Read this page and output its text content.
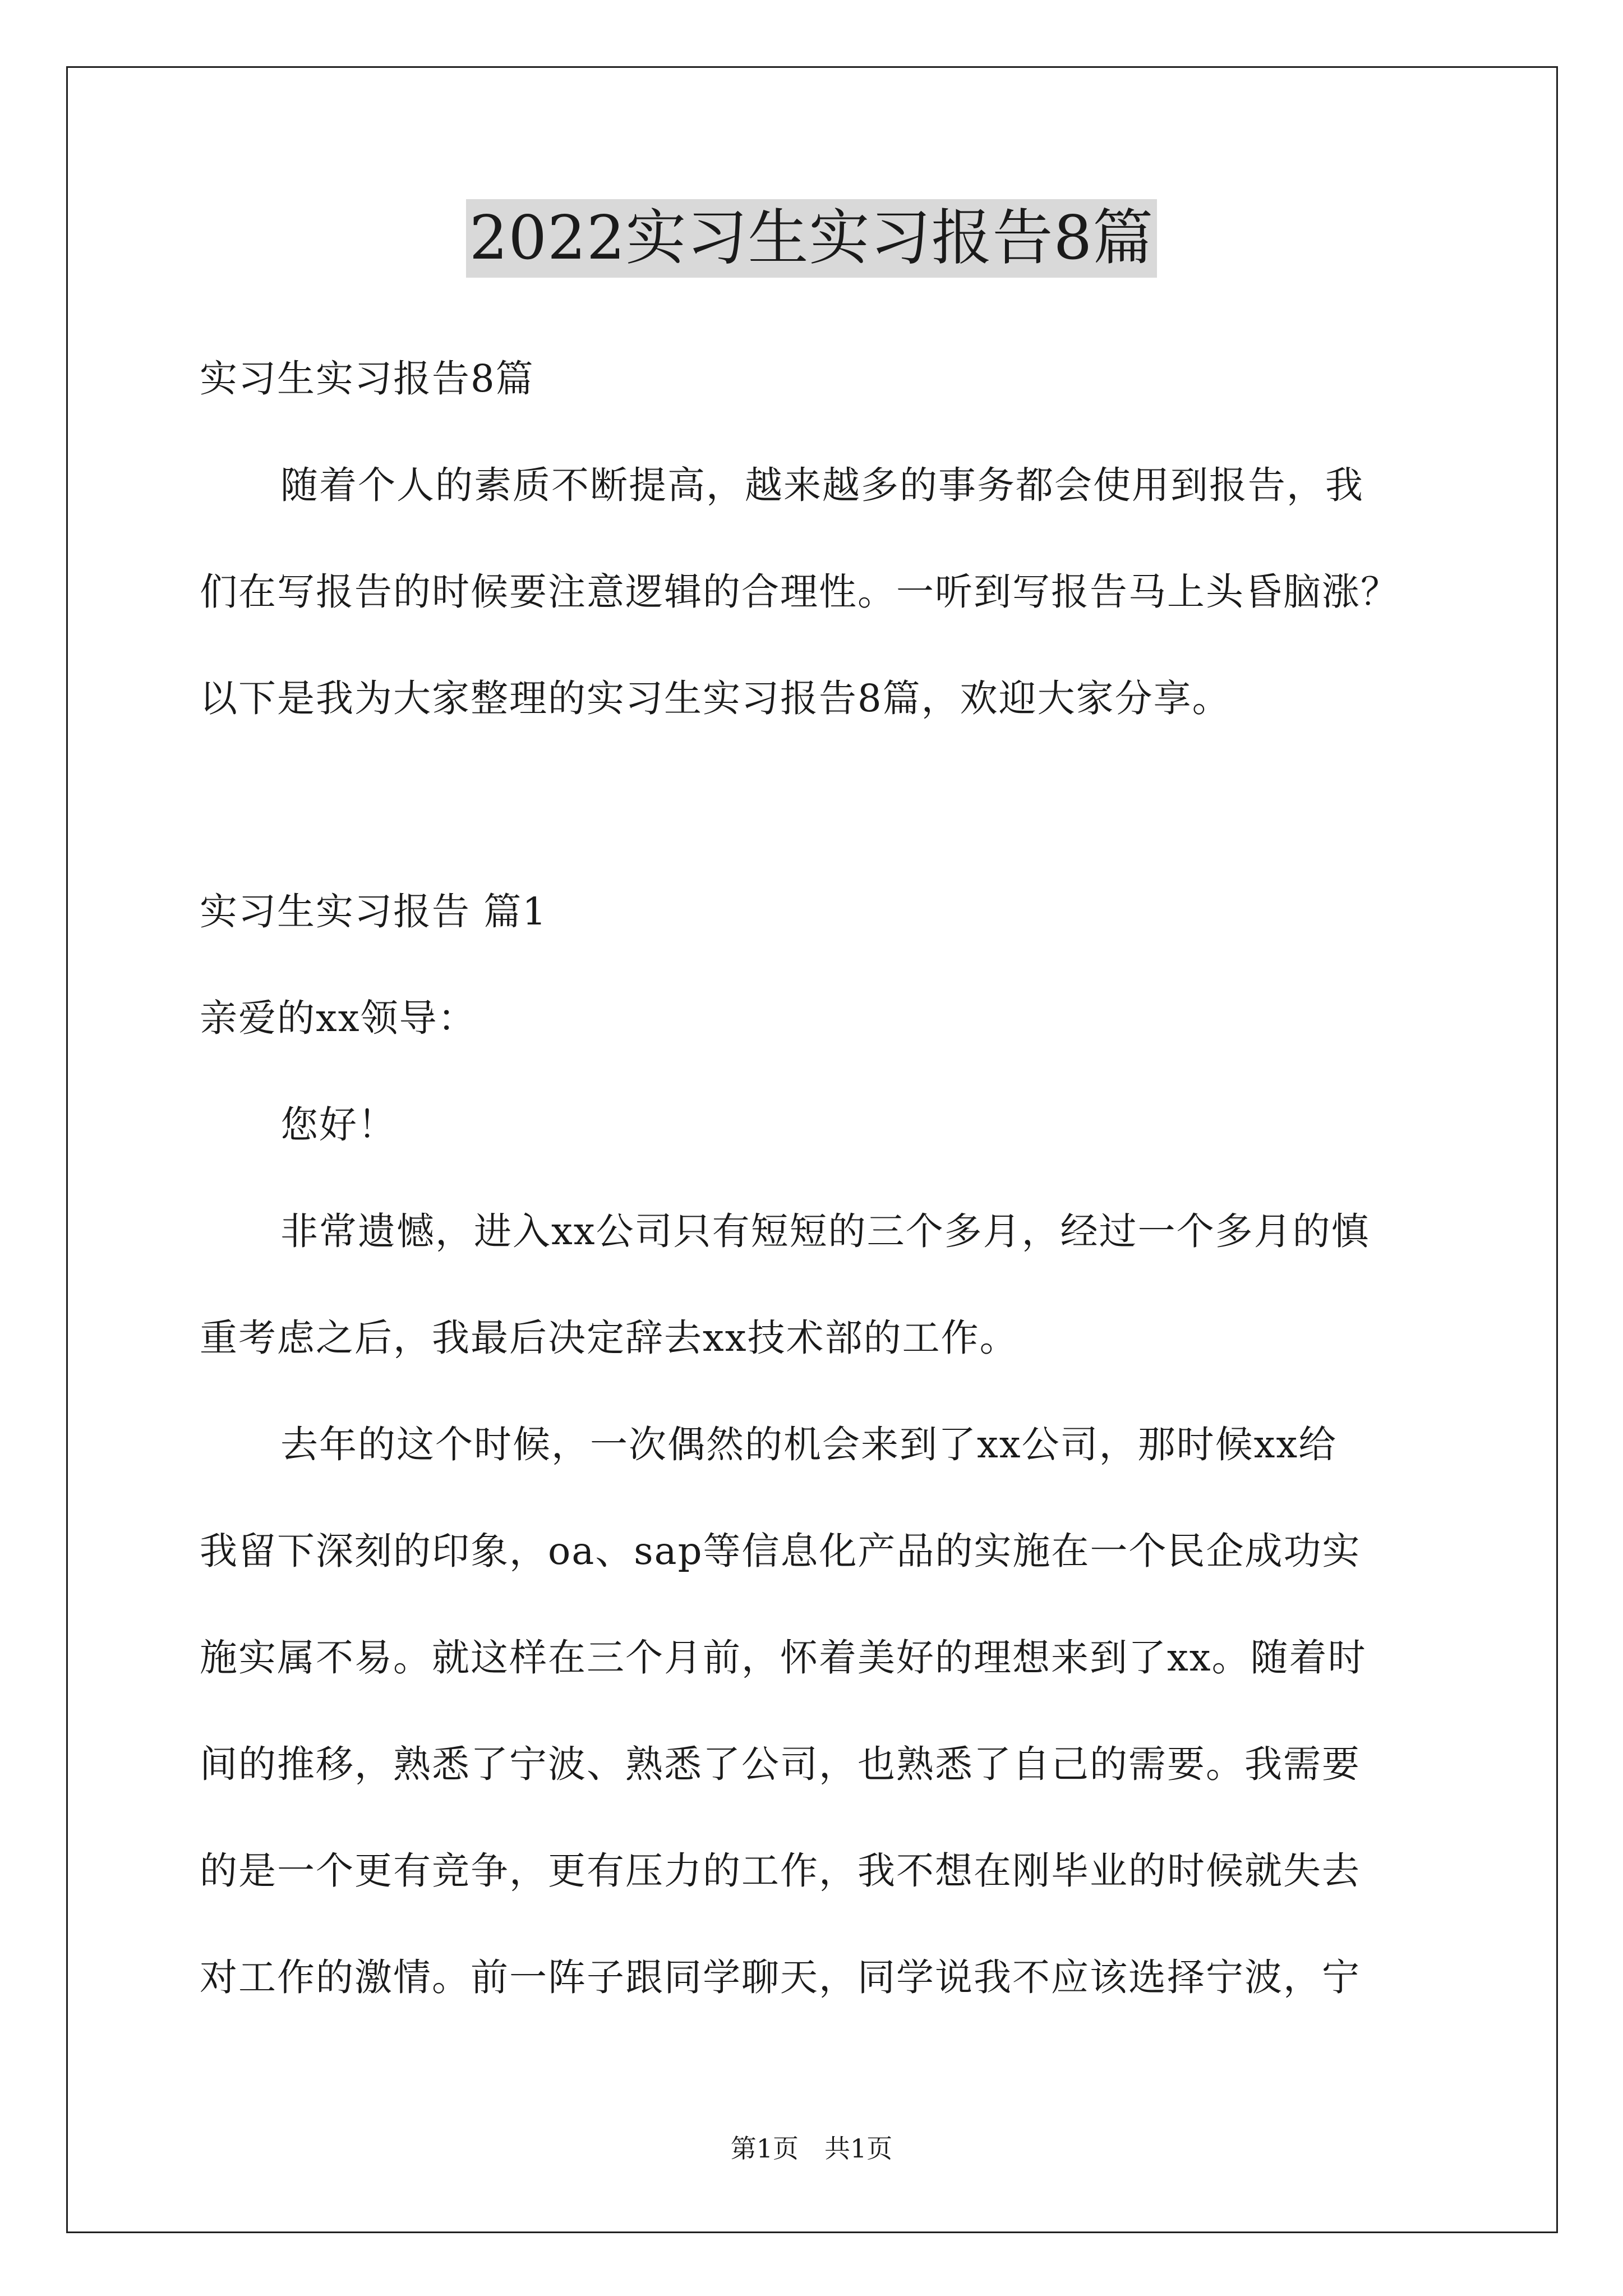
2022实习生实习报告8篇
实习生实习报告8篇
随着个人的素质不断提高，越来越多的事务都会使用到报告，我
们在写报告的时候要注意逻辑的合理性。一听到写报告马上头昏脑涨？
以下是我为大家整理的实习生实习报告8篇，欢迎大家分享。
实习生实习报告 篇1
亲爱的xx领导：
您好！
非常遗憾，进入xx公司只有短短的三个多月，经过一个多月的慎
重考虑之后，我最后决定辞去xx技术部的工作。
去年的这个时候，一次偶然的机会来到了xx公司，那时候xx给
我留下深刻的印象，oa、sap等信息化产品的实施在一个民企成功实
施实属不易。就这样在三个月前，怀着美好的理想来到了xx。随着时
间的推移，熟悉了宁波、熟悉了公司，也熟悉了自己的需要。我需要
的是一个更有竞争，更有压力的工作，我不想在刚毕业的时候就失去
对工作的激情。前一阵子跟同学聊天，同学说我不应该选择宁波，宁
第1页　共1页
